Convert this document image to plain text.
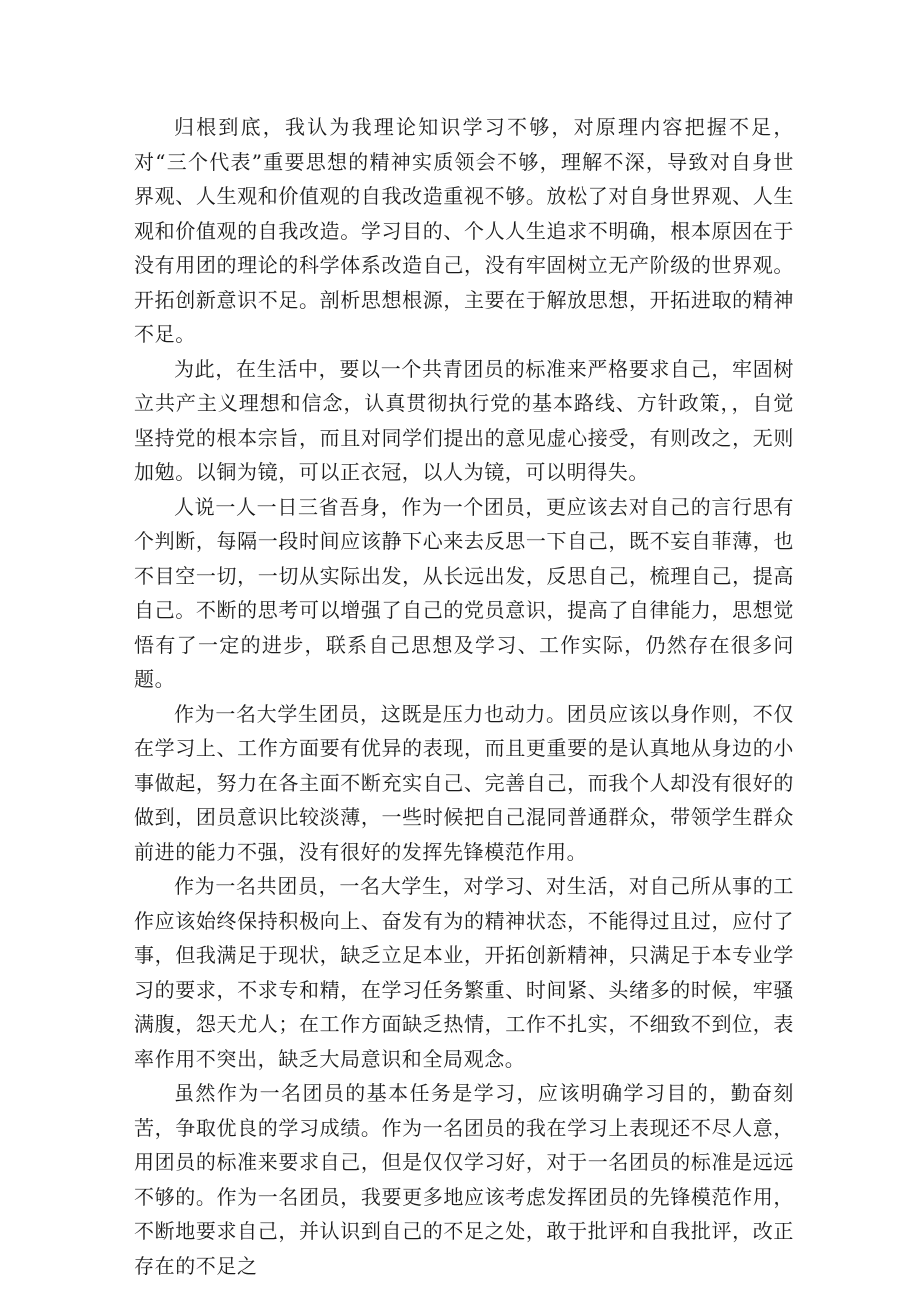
归根到底，我认为我理论知识学习不够，对原理内容把握不足，对“三个代表”重要思想的精神实质领会不够，理解不深，导致对自身世界观、人生观和价值观的自我改造重视不够。放松了对自身世界观、人生观和价值观的自我改造。学习目的、个人人生追求不明确，根本原因在于没有用团的理论的科学体系改造自己，没有牢固树立无产阶级的世界观。开拓创新意识不足。剖析思想根源，主要在于解放思想，开拓进取的精神不足。

为此，在生活中，要以一个共青团员的标准来严格要求自己，牢固树立共产主义理想和信念，认真贯彻执行党的基本路线、方针政策，，自觉坚持党的根本宗旨，而且对同学们提出的意见虚心接受，有则改之，无则加勉。以铜为镜，可以正衣冠，以人为镜，可以明得失。

人说一人一日三省吾身，作为一个团员，更应该去对自己的言行思有个判断，每隔一段时间应该静下心来去反思一下自己，既不妄自菲薄，也不目空一切，一切从实际出发，从长远出发，反思自己，梳理自己，提高自己。不断的思考可以增强了自己的党员意识，提高了自律能力，思想觉悟有了一定的进步，联系自己思想及学习、工作实际，仍然存在很多问题。

作为一名大学生团员，这既是压力也动力。团员应该以身作则，不仅在学习上、工作方面要有优异的表现，而且更重要的是认真地从身边的小事做起，努力在各主面不断充实自己、完善自己，而我个人却没有很好的做到，团员意识比较淡薄，一些时候把自己混同普通群众，带领学生群众前进的能力不强，没有很好的发挥先锋模范作用。

作为一名共团员，一名大学生，对学习、对生活，对自己所从事的工作应该始终保持积极向上、奋发有为的精神状态，不能得过且过，应付了事，但我满足于现状，缺乏立足本业，开拓创新精神，只满足于本专业学习的要求，不求专和精，在学习任务繁重、时间紧、头绪多的时候，牢骚满腹，怨天尤人；在工作方面缺乏热情，工作不扎实，不细致不到位，表率作用不突出，缺乏大局意识和全局观念。

虽然作为一名团员的基本任务是学习，应该明确学习目的，勤奋刻苦，争取优良的学习成绩。作为一名团员的我在学习上表现还不尽人意，用团员的标准来要求自己，但是仅仅学习好，对于一名团员的标准是远远不够的。作为一名团员，我要更多地应该考虑发挥团员的先锋模范作用，不断地要求自己，并认识到自己的不足之处，敢于批评和自我批评，改正存在的不足之
